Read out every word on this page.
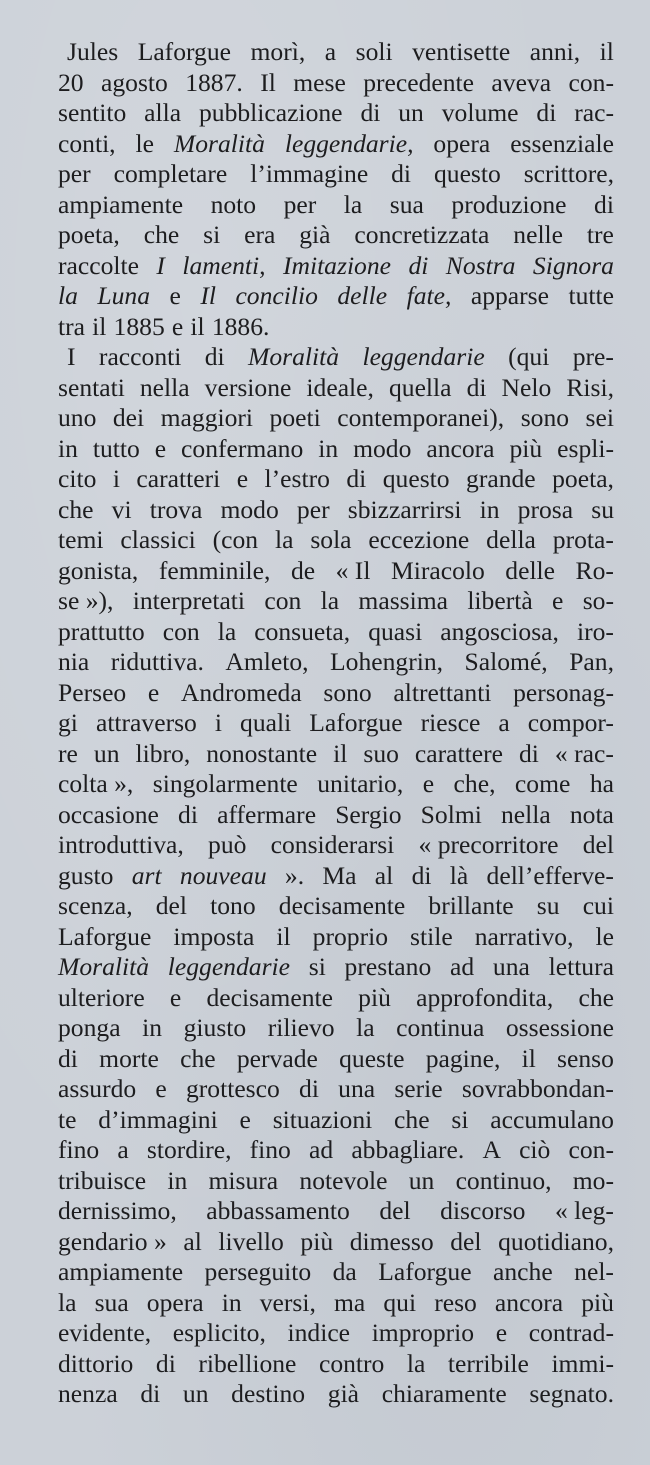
Jules Laforgue morì, a soli ventisette anni, il
20 agosto 1887. Il mese precedente aveva con-
sentito alla pubblicazione di un volume di rac-
conti, le Moralità leggendarie, opera essenziale
per completare l’immagine di questo scrittore,
ampiamente noto per la sua produzione di
poeta, che si era già concretizzata nelle tre
raccolte I lamenti, Imitazione di Nostra Signora
la Luna e Il concilio delle fate, apparse tutte
tra il 1885 e il 1886.
I racconti di Moralità leggendarie (qui pre-
sentati nella versione ideale, quella di Nelo Risi,
uno dei maggiori poeti contemporanei), sono sei
in tutto e confermano in modo ancora più espli-
cito i caratteri e l’estro di questo grande poeta,
che vi trova modo per sbizzarrirsi in prosa su
temi classici (con la sola eccezione della prota-
gonista, femminile, de « Il Miracolo delle Ro-
se »), interpretati con la massima libertà e so-
prattutto con la consueta, quasi angosciosa, iro-
nia riduttiva. Amleto, Lohengrin, Salomé, Pan,
Perseo e Andromeda sono altrettanti personag-
gi attraverso i quali Laforgue riesce a compor-
re un libro, nonostante il suo carattere di « rac-
colta », singolarmente unitario, e che, come ha
occasione di affermare Sergio Solmi nella nota
introduttiva, può considerarsi « precorritore del
gusto art nouveau ». Ma al di là dell’efferve-
scenza, del tono decisamente brillante su cui
Laforgue imposta il proprio stile narrativo, le
Moralità leggendarie si prestano ad una lettura
ulteriore e decisamente più approfondita, che
ponga in giusto rilievo la continua ossessione
di morte che pervade queste pagine, il senso
assurdo e grottesco di una serie sovrabbondan-
te d’immagini e situazioni che si accumulano
fino a stordire, fino ad abbagliare. A ciò con-
tribuisce in misura notevole un continuo, mo-
dernissimo, abbassamento del discorso « leg-
gendario » al livello più dimesso del quotidiano,
ampiamente perseguito da Laforgue anche nel-
la sua opera in versi, ma qui reso ancora più
evidente, esplicito, indice improprio e contrad-
dittorio di ribellione contro la terribile immi-
nenza di un destino già chiaramente segnato.
